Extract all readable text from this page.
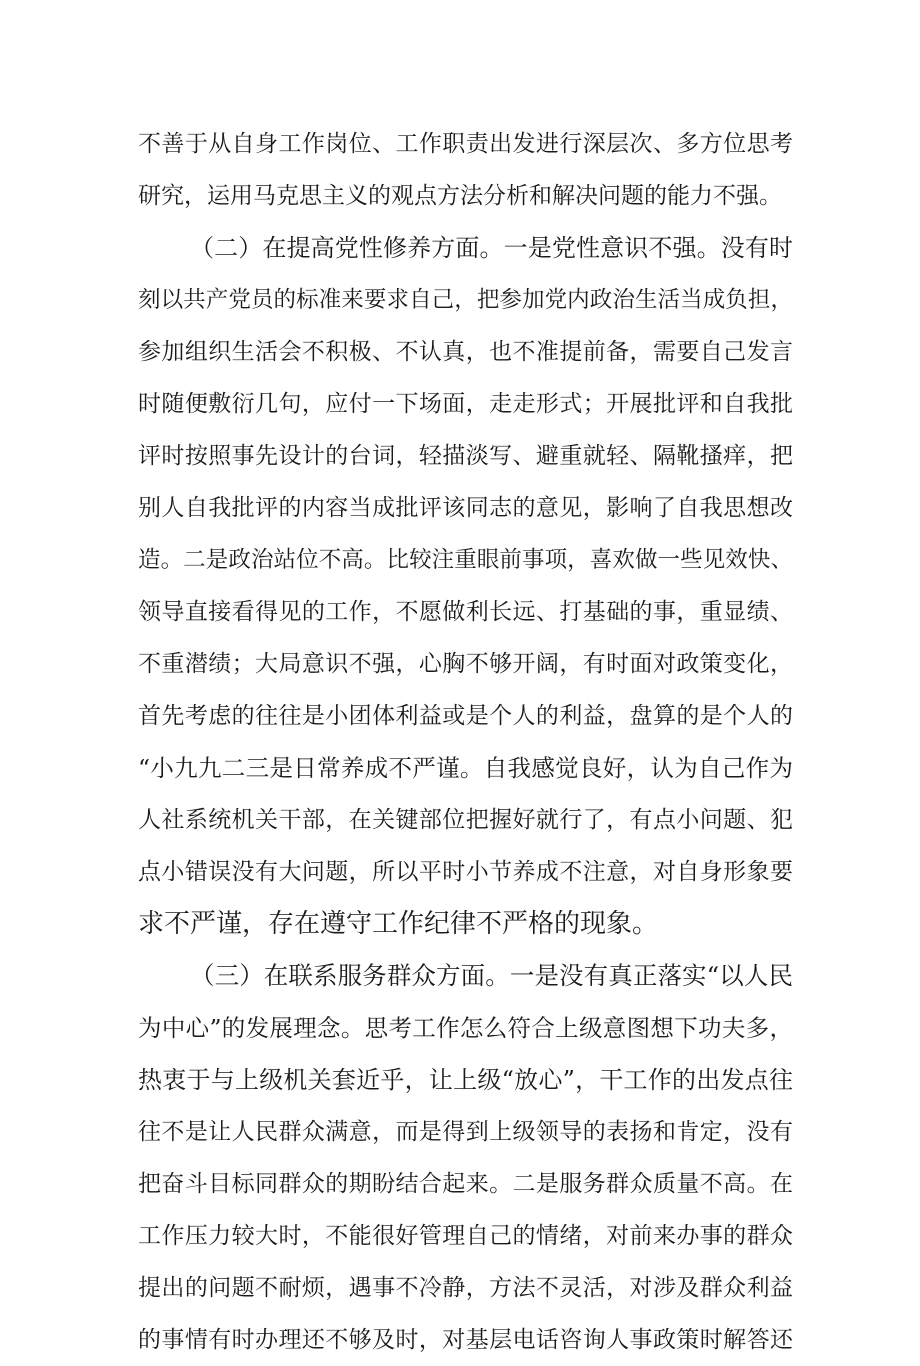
不善于从自身工作岗位、工作职责出发进行深层次、多方位思考
研究，运用马克思主义的观点方法分析和解决问题的能力不强。
（二）在提高党性修养方面。一是党性意识不强。没有时
刻以共产党员的标准来要求自己，把参加党内政治生活当成负担，
参加组织生活会不积极、不认真，也不准提前备，需要自己发言
时随便敷衍几句，应付一下场面，走走形式；开展批评和自我批
评时按照事先设计的台词，轻描淡写、避重就轻、隔靴搔痒，把
别人自我批评的内容当成批评该同志的意见，影响了自我思想改
造。二是政治站位不高。比较注重眼前事项，喜欢做一些见效快、
领导直接看得见的工作，不愿做利长远、打基础的事，重显绩、
不重潜绩；大局意识不强，心胸不够开阔，有时面对政策变化，
首先考虑的往往是小团体利益或是个人的利益，盘算的是个人的
“小九九二三是日常养成不严谨。自我感觉良好，认为自己作为
人社系统机关干部，在关键部位把握好就行了，有点小问题、犯
点小错误没有大问题，所以平时小节养成不注意，对自身形象要
求不严谨，存在遵守工作纪律不严格的现象。
（三）在联系服务群众方面。一是没有真正落实“以人民
为中心”的发展理念。思考工作怎么符合上级意图想下功夫多，
热衷于与上级机关套近乎，让上级“放心”，干工作的出发点往
往不是让人民群众满意，而是得到上级领导的表扬和肯定，没有
把奋斗目标同群众的期盼结合起来。二是服务群众质量不高。在
工作压力较大时，不能很好管理自己的情绪，对前来办事的群众
提出的问题不耐烦，遇事不冷静，方法不灵活，对涉及群众利益
的事情有时办理还不够及时，对基层电话咨询人事政策时解答还
